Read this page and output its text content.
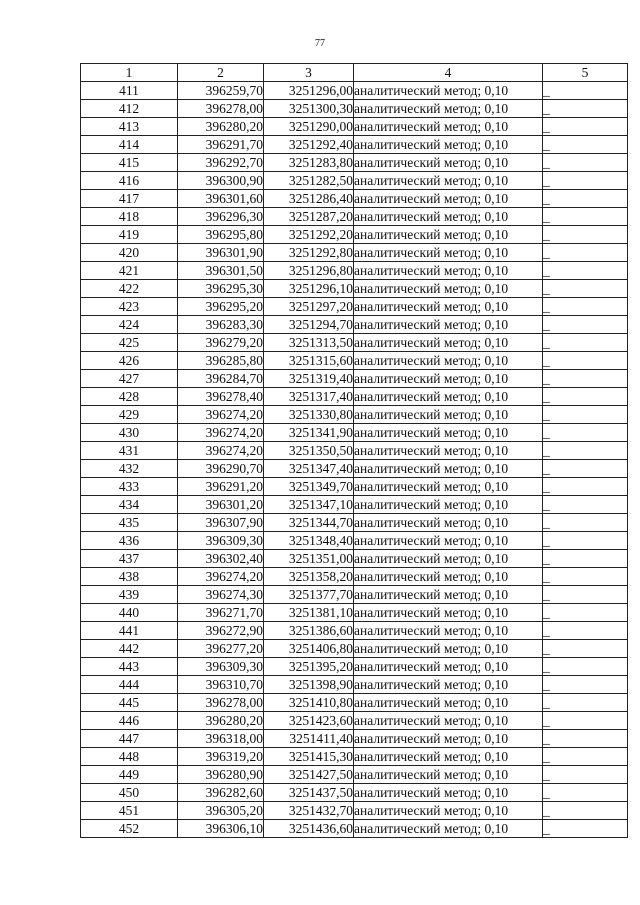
77
1	2	3	4	5
411	396259,70	3251296,00	аналитический метод; 0,10	_
412	396278,00	3251300,30	аналитический метод; 0,10	_
413	396280,20	3251290,00	аналитический метод; 0,10	_
414	396291,70	3251292,40	аналитический метод; 0,10	_
415	396292,70	3251283,80	аналитический метод; 0,10	_
416	396300,90	3251282,50	аналитический метод; 0,10	_
417	396301,60	3251286,40	аналитический метод; 0,10	_
418	396296,30	3251287,20	аналитический метод; 0,10	_
419	396295,80	3251292,20	аналитический метод; 0,10	_
420	396301,90	3251292,80	аналитический метод; 0,10	_
421	396301,50	3251296,80	аналитический метод; 0,10	_
422	396295,30	3251296,10	аналитический метод; 0,10	_
423	396295,20	3251297,20	аналитический метод; 0,10	_
424	396283,30	3251294,70	аналитический метод; 0,10	_
425	396279,20	3251313,50	аналитический метод; 0,10	_
426	396285,80	3251315,60	аналитический метод; 0,10	_
427	396284,70	3251319,40	аналитический метод; 0,10	_
428	396278,40	3251317,40	аналитический метод; 0,10	_
429	396274,20	3251330,80	аналитический метод; 0,10	_
430	396274,20	3251341,90	аналитический метод; 0,10	_
431	396274,20	3251350,50	аналитический метод; 0,10	_
432	396290,70	3251347,40	аналитический метод; 0,10	_
433	396291,20	3251349,70	аналитический метод; 0,10	_
434	396301,20	3251347,10	аналитический метод; 0,10	_
435	396307,90	3251344,70	аналитический метод; 0,10	_
436	396309,30	3251348,40	аналитический метод; 0,10	_
437	396302,40	3251351,00	аналитический метод; 0,10	_
438	396274,20	3251358,20	аналитический метод; 0,10	_
439	396274,30	3251377,70	аналитический метод; 0,10	_
440	396271,70	3251381,10	аналитический метод; 0,10	_
441	396272,90	3251386,60	аналитический метод; 0,10	_
442	396277,20	3251406,80	аналитический метод; 0,10	_
443	396309,30	3251395,20	аналитический метод; 0,10	_
444	396310,70	3251398,90	аналитический метод; 0,10	_
445	396278,00	3251410,80	аналитический метод; 0,10	_
446	396280,20	3251423,60	аналитический метод; 0,10	_
447	396318,00	3251411,40	аналитический метод; 0,10	_
448	396319,20	3251415,30	аналитический метод; 0,10	_
449	396280,90	3251427,50	аналитический метод; 0,10	_
450	396282,60	3251437,50	аналитический метод; 0,10	_
451	396305,20	3251432,70	аналитический метод; 0,10	_
452	396306,10	3251436,60	аналитический метод; 0,10	_
